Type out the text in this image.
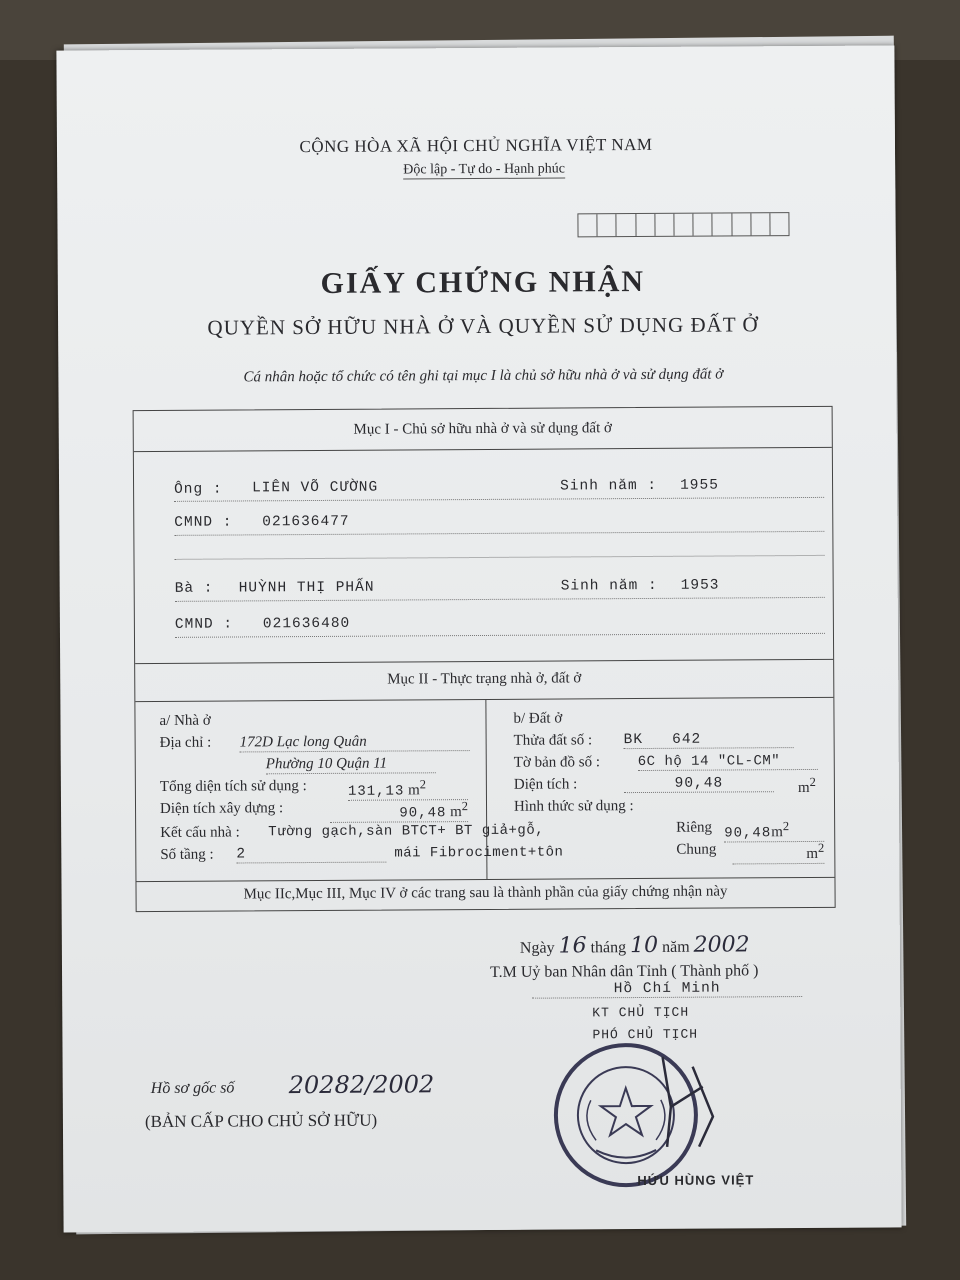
CỘNG HÒA XÃ HỘI CHỦ NGHĨA VIỆT NAM
Độc lập - Tự do - Hạnh phúc
GIẤY CHỨNG NHẬN
QUYỀN SỞ HỮU NHÀ Ở VÀ QUYỀN SỬ DỤNG ĐẤT Ở
Cá nhân hoặc tổ chức có tên ghi tại mục I là chủ sở hữu nhà ở và sử dụng đất ở
Mục I - Chủ sở hữu nhà ở và sử dụng đất ở
Ông : LIÊN VÕ CƯỜNG	Sinh năm : 1955
CMND : 021636477
Bà : HUỲNH THỊ PHẤN	Sinh năm : 1953
CMND : 021636480
Mục II - Thực trạng nhà ở, đất ở
a/ Nhà ở
Địa chỉ : 172D Lạc long Quân
Phường 10 Quận 11
Tổng diện tích sử dụng :	131,13 $m^2$
Diện tích xây dựng :	90,48 $m^2$
Kết cấu nhà : Tường gạch,sàn BTCT+ BT giả+gỗ,
Số tầng : 2	mái Fibrociment+tôn
b/ Đất ở
Thửa đất số : BK   642
Tờ bản đồ số :	6C hộ 14 "CL-CM"
Diện tích :	90,48	$m^2$
Hình thức sử dụng :
Riêng $90,48m^2$
Chung	$m^2$
Mục IIc,Mục III, Mục IV ở các trang sau là thành phần của giấy chứng nhận này
Ngày 16 tháng 10 năm 2002
T.M Uỷ ban Nhân dân Tỉnh ( Thành phố )
Hồ Chí Minh
KT CHỦ TỊCH
PHÓ CHỦ TỊCH
HỨU HÙNG VIỆT
Hồ sơ gốc số 20282/2002
(BẢN CẤP CHO CHỦ SỞ HỮU)
